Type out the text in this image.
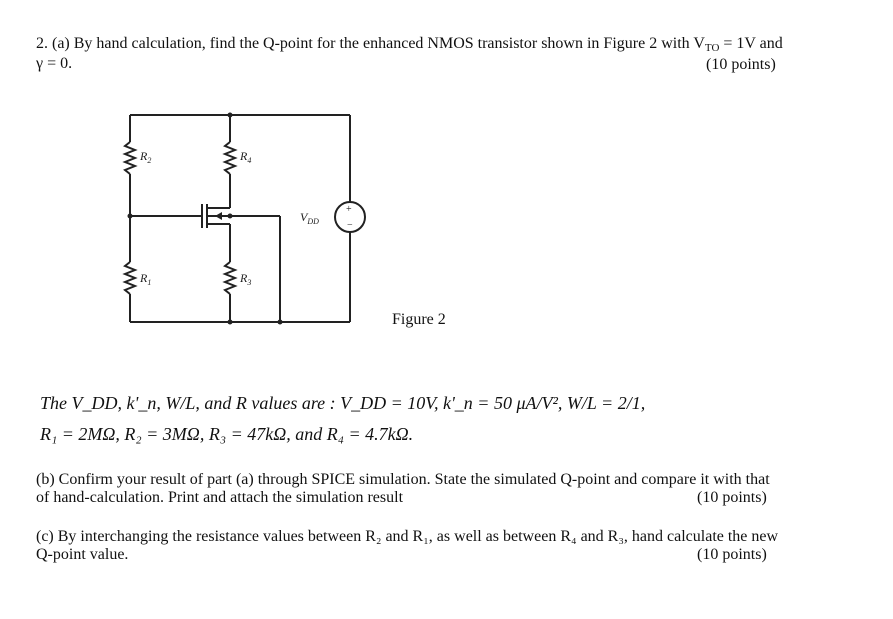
2. (a) By hand calculation, find the Q-point for the enhanced NMOS transistor shown in Figure 2 with VTO = 1V and
γ = 0.	(10 points)
$R_2$	$R_4$
$R_1$	$R_3$
$V_{DD}$
+
−
Figure 2
The V_DD, k'_n, W/L, and R values are : V_DD = 10V, k'_n = 50 μA/V², W/L = 2/1,
R₁ = 2MΩ, R₂ = 3MΩ, R₃ = 47kΩ, and R₄ = 4.7kΩ.
(b) Confirm your result of part (a) through SPICE simulation. State the simulated Q-point and compare it with that
of hand-calculation. Print and attach the simulation result	(10 points)
(c) By interchanging the resistance values between R₂ and R₁, as well as between R₄ and R₃, hand calculate the new
Q-point value.	(10 points)
